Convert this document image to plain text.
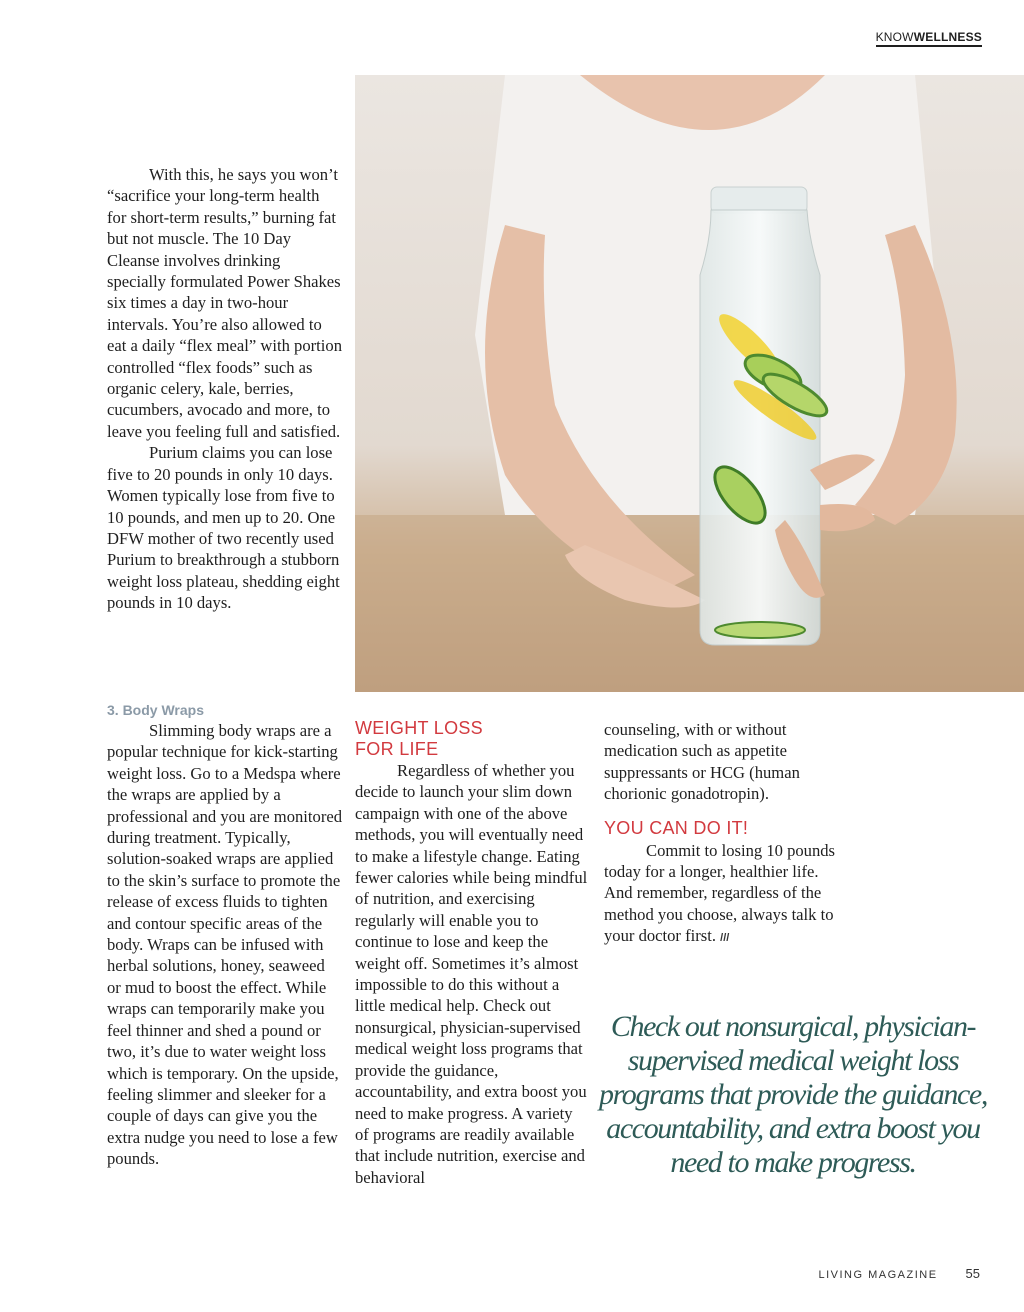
KNOWWELLNESS

With this, he says you won’t “sacrifice your long-term health for short-term results,” burning fat but not muscle. The 10 Day Cleanse involves drinking specially formulated Power Shakes six times a day in two-hour intervals. You’re also allowed to eat a daily “flex meal” with portion controlled “flex foods” such as organic celery, kale, berries, cucumbers, avocado and more, to leave you feeling full and satisfied.

Purium claims you can lose five to 20 pounds in only 10 days. Women typically lose from five to 10 pounds, and men up to 20. One DFW mother of two recently used Purium to breakthrough a stubborn weight loss plateau, shedding eight pounds in 10 days.

3. Body Wraps

Slimming body wraps are a popular technique for kick-starting weight loss. Go to a Medspa where the wraps are applied by a professional and you are monitored during treatment. Typically, solution-soaked wraps are applied to the skin’s surface to promote the release of excess fluids to tighten and contour specific areas of the body. Wraps can be infused with herbal solutions, honey, seaweed or mud to boost the effect. While wraps can temporarily make you feel thinner and shed a pound or two, it’s due to water weight loss which is temporary. On the upside, feeling slimmer and sleeker for a couple of days can give you the extra nudge you need to lose a few pounds.

WEIGHT LOSS FOR LIFE

Regardless of whether you decide to launch your slim down campaign with one of the above methods, you will eventually need to make a lifestyle change. Eating fewer calories while being mindful of nutrition, and exercising regularly will enable you to continue to lose and keep the weight off. Sometimes it’s almost impossible to do this without a little medical help. Check out nonsurgical, physician-supervised medical weight loss programs that provide the guidance, accountability, and extra boost you need to make progress. A variety of programs are readily available that include nutrition, exercise and behavioral

counseling, with or without medication such as appetite suppressants or HCG (human chorionic gonadotropin).

YOU CAN DO IT!

Commit to losing 10 pounds today for a longer, healthier life. And remember, regardless of the method you choose, always talk to your doctor first. ///

Check out nonsurgical, physician-supervised medical weight loss programs that provide the guidance, accountability, and extra boost you need to make progress.
LIVING MAGAZINE 55
